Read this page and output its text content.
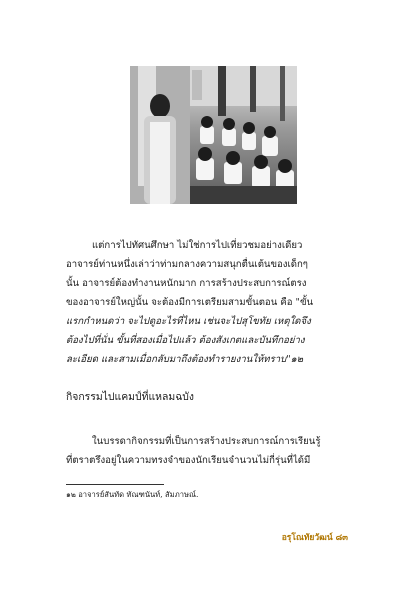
แต่การไปทัศนศึกษา ไม่ใช่การไปเที่ยวชมอย่างเดียว
อาจารย์ท่านหนึ่งเล่าว่าท่ามกลางความสนุกตื่นเต้นของเด็กๆ
นั้น อาจารย์ต้องทำงานหนักมาก การสร้างประสบการณ์ตรง
ของอาจารย์ใหญ่นั้น จะต้องมีการเตรียมสามขั้นตอน คือ "ขั้น
แรกกำหนดว่า จะไปดูอะไรที่ไหน เช่นจะไปสุโขทัย เหตุใดจึง
ต้องไปที่นั่น ขั้นที่สองเมื่อไปแล้ว ต้องสังเกตและบันทึกอย่าง
ละเอียด และสามเมื่อกลับมาถึงต้องทำรายงานให้ทราบ"๑๒
กิจกรรมไปแคมป์ที่แหลมฉบัง
ในบรรดากิจกรรมที่เป็นการสร้างประสบการณ์การเรียนรู้
ที่ตราตรึงอยู่ในความทรงจำของนักเรียนจำนวนไม่กี่รุ่นที่ได้มี
๑๒ อาจารย์สันทัด ทัณฑนันท์, สัมภาษณ์.
อรุโณทัยวัฒน์ ๘๓
